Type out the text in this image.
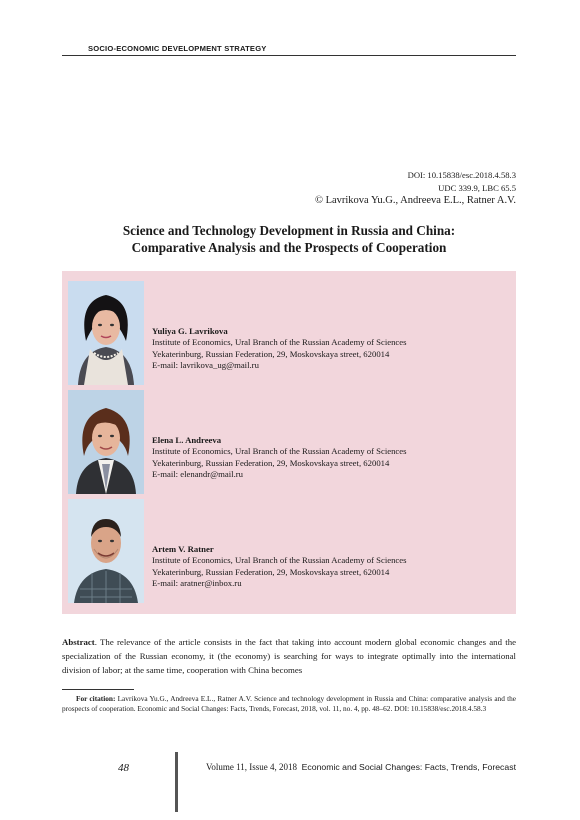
SOCIO-ECONOMIC DEVELOPMENT STRATEGY
DOI: 10.15838/esc.2018.4.58.3
UDC 339.9, LBC 65.5
© Lavrikova Yu.G., Andreeva E.L., Ratner A.V.
Science and Technology Development in Russia and China:
Comparative Analysis and the Prospects of Cooperation
Yuliya G. Lavrikova
Institute of Economics, Ural Branch of the Russian Academy of Sciences
Yekaterinburg, Russian Federation, 29, Moskovskaya street, 620014
E-mail: lavrikova_ug@mail.ru
Elena L. Andreeva
Institute of Economics, Ural Branch of the Russian Academy of Sciences
Yekaterinburg, Russian Federation, 29, Moskovskaya street, 620014
E-mail: elenandr@mail.ru
Artem V. Ratner
Institute of Economics, Ural Branch of the Russian Academy of Sciences
Yekaterinburg, Russian Federation, 29, Moskovskaya street, 620014
E-mail: aratner@inbox.ru
Abstract. The relevance of the article consists in the fact that taking into account modern global economic changes and the specialization of the Russian economy, it (the economy) is searching for ways to integrate optimally into the international division of labor; at the same time, cooperation with China becomes
For citation: Lavrikova Yu.G., Andreeva E.L., Ratner A.V. Science and technology development in Russia and China: comparative analysis and the prospects of cooperation. Economic and Social Changes: Facts, Trends, Forecast, 2018, vol. 11, no. 4, pp. 48–62. DOI: 10.15838/esc.2018.4.58.3
48	Volume 11, Issue 4, 2018 Economic and Social Changes: Facts, Trends, Forecast
